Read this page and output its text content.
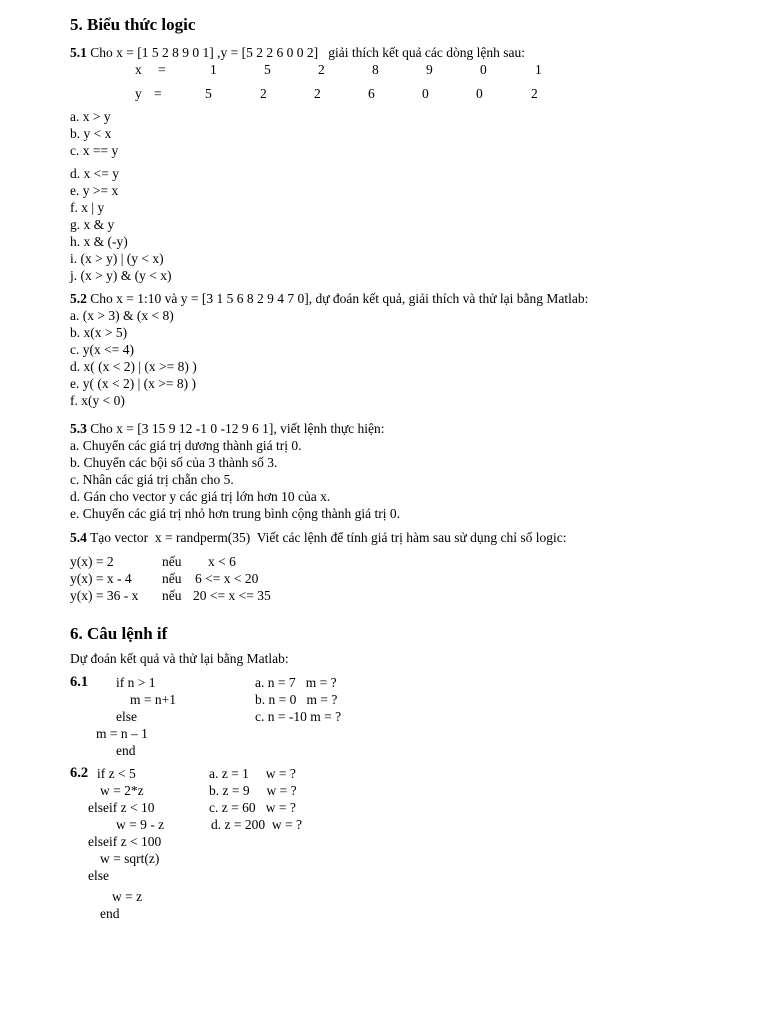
5. Biểu thức logic
5.1 Cho x = [1 5 2 8 9 0 1] ,y = [5 2 2 6 0 0 2]   giải thích kết quả các dòng lệnh sau:
x =	1	5	2	8	9	0	1
y =	5	2	2	6	0	0	2
a. x > y
b. y < x
c. x == y
d. x <= y
e. y >= x
f. x | y
g. x & y
h. x & (-y)
i. (x > y) | (y < x)
j. (x > y) & (y < x)
5.2 Cho x = 1:10 và y = [3 1 5 6 8 2 9 4 7 0], dự đoán kết quả, giải thích và thử lại bằng Matlab:
a. (x > 3) & (x < 8)
b. x(x > 5)
c. y(x <= 4)
d. x( (x < 2) | (x >= 8) )
e. y( (x < 2) | (x >= 8) )
f. x(y < 0)
5.3 Cho x = [3 15 9 12 -1 0 -12 9 6 1], viết lệnh thực hiện:
a. Chuyển các giá trị dương thành giá trị 0.
b. Chuyển các bội số của 3 thành số 3.
c. Nhân các giá trị chẵn cho 5.
d. Gán cho vector y các giá trị lớn hơn 10 của x.
e. Chuyển các giá trị nhỏ hơn trung bình cộng thành giá trị 0.
5.4 Tạo vector  x = randperm(35)  Viết các lệnh để tính giá trị hàm sau sử dụng chỉ số logic:
y(x) = 2	nếu x < 6
y(x) = x - 4 nếu 6 <= x < 20
y(x) = 36 - x nếu 20 <= x <= 35
6. Câu lệnh if
Dự đoán kết quả và thử lại bằng Matlab:
6.1 if n > 1
m = n+1
else
m = n – 1
end
a. n = 7   m = ?
b. n = 0   m = ?
c. n = -10 m = ?
6.2 if z < 5
w = 2*z
elseif z < 10
w = 9 - z
elseif z < 100
w = sqrt(z)
else
w = z
end
a. z = 1     w = ?
b. z = 9     w = ?
c. z = 60   w = ?
d. z = 200  w = ?
